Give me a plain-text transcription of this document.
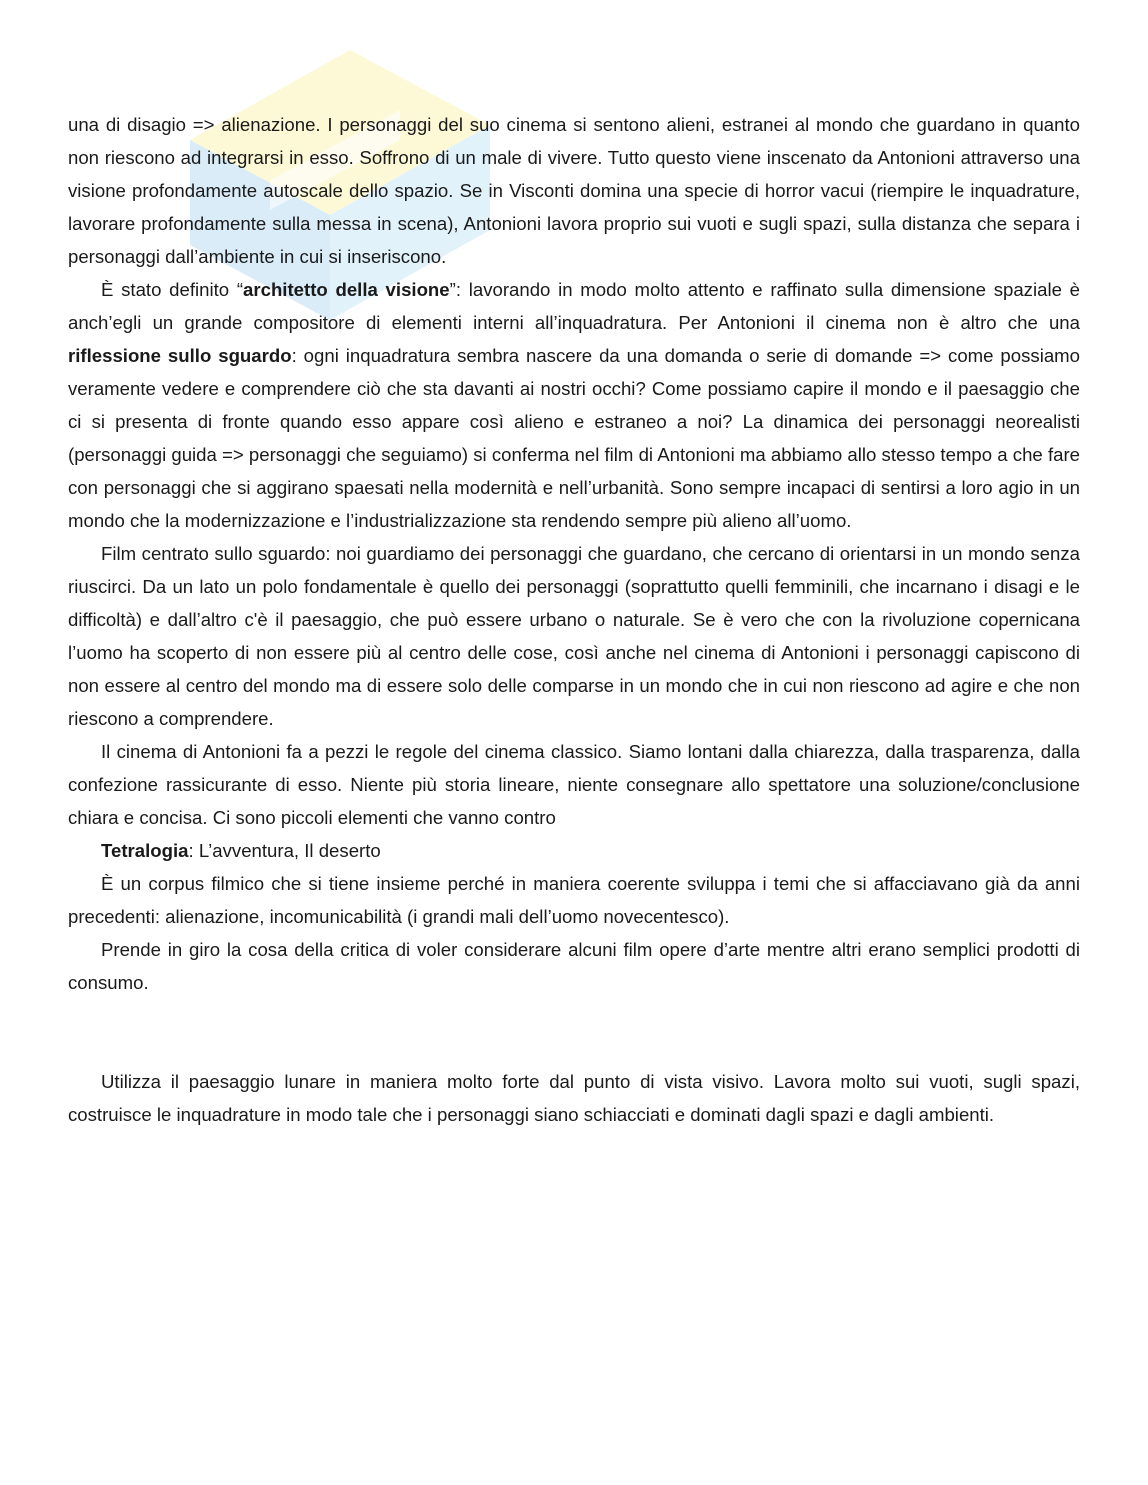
una di disagio => alienazione. I personaggi del suo cinema si sentono alieni, estranei al mondo che guardano in quanto non riescono ad integrarsi in esso. Soffrono di un male di vivere. Tutto questo viene inscenato da Antonioni attraverso una visione profondamente autoscale dello spazio. Se in Visconti domina una specie di horror vacui (riempire le inquadrature, lavorare profondamente sulla messa in scena), Antonioni lavora proprio sui vuoti e sugli spazi, sulla distanza che separa i personaggi dall’ambiente in cui si inseriscono.

È stato definito “architetto della visione”: lavorando in modo molto attento e raffinato sulla dimensione spaziale è anch’egli un grande compositore di elementi interni all’inquadratura. Per Antonioni il cinema non è altro che una riflessione sullo sguardo: ogni inquadratura sembra nascere da una domanda o serie di domande => come possiamo veramente vedere e comprendere ciò che sta davanti ai nostri occhi? Come possiamo capire il mondo e il paesaggio che ci si presenta di fronte quando esso appare così alieno e estraneo a noi? La dinamica dei personaggi neorealisti (personaggi guida => personaggi che seguiamo) si conferma nel film di Antonioni ma abbiamo allo stesso tempo a che fare con personaggi che si aggirano spaesati nella modernità e nell’urbanità. Sono sempre incapaci di sentirsi a loro agio in un mondo che la modernizzazione e l’industrializzazione sta rendendo sempre più alieno all’uomo.

Film centrato sullo sguardo: noi guardiamo dei personaggi che guardano, che cercano di orientarsi in un mondo senza riuscirci. Da un lato un polo fondamentale è quello dei personaggi (soprattutto quelli femminili, che incarnano i disagi e le difficoltà) e dall’altro c'è il paesaggio, che può essere urbano o naturale. Se è vero che con la rivoluzione copernicana l’uomo ha scoperto di non essere più al centro delle cose, così anche nel cinema di Antonioni i personaggi capiscono di non essere al centro del mondo ma di essere solo delle comparse in un mondo che in cui non riescono ad agire e che non riescono a comprendere.

Il cinema di Antonioni fa a pezzi le regole del cinema classico. Siamo lontani dalla chiarezza, dalla trasparenza, dalla confezione rassicurante di esso. Niente più storia lineare, niente consegnare allo spettatore una soluzione/conclusione chiara e concisa. Ci sono piccoli elementi che vanno contro

Tetralogia: L’avventura, Il deserto

È un corpus filmico che si tiene insieme perché in maniera coerente sviluppa i temi che si affacciavano già da anni precedenti: alienazione, incomunicabilità (i grandi mali dell’uomo novecentesco).

Prende in giro la cosa della critica di voler considerare alcuni film opere d’arte mentre altri erano semplici prodotti di consumo.

Utilizza il paesaggio lunare in maniera molto forte dal punto di vista visivo. Lavora molto sui vuoti, sugli spazi, costruisce le inquadrature in modo tale che i personaggi siano schiacciati e dominati dagli spazi e dagli ambienti.
